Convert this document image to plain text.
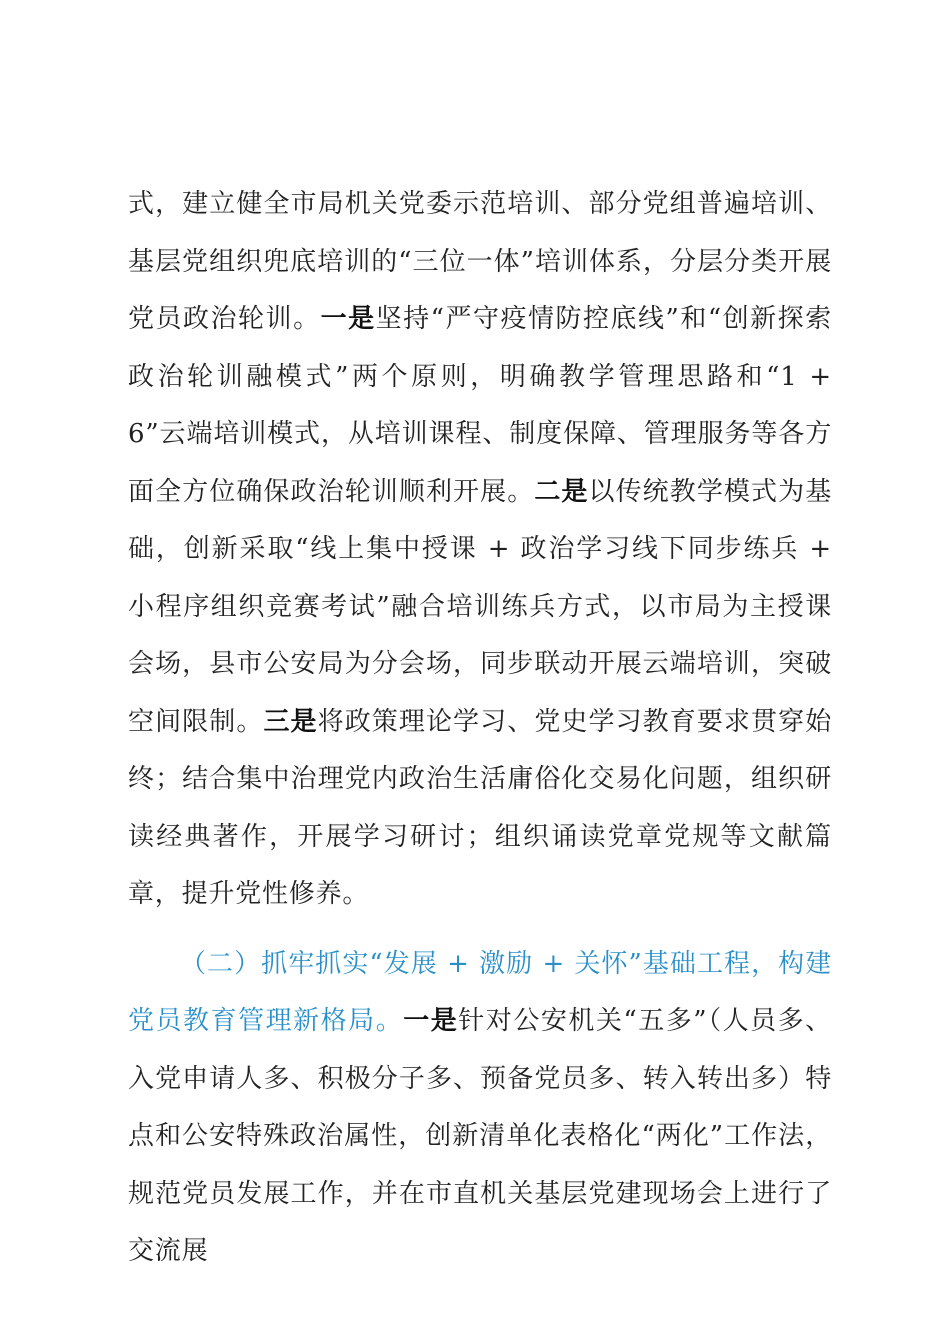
式，建立健全市局机关党委示范培训、部分党组普遍培训、基层党组织兜底培训的“三位一体”培训体系，分层分类开展党员政治轮训。一是坚持“严守疫情防控底线”和“创新探索政治轮训融模式”两个原则，明确教学管理思路和“1 + 6”云端培训模式，从培训课程、制度保障、管理服务等各方面全方位确保政治轮训顺利开展。二是以传统教学模式为基础，创新采取“线上集中授课 + 政治学习线下同步练兵 + 小程序组织竞赛考试”融合培训练兵方式，以市局为主授课会场，县市公安局为分会场，同步联动开展云端培训，突破空间限制。三是将政策理论学习、党史学习教育要求贯穿始终；结合集中治理党内政治生活庸俗化交易化问题，组织研读经典著作，开展学习研讨；组织诵读党章党规等文献篇章，提升党性修养。

（二）抓牢抓实“发展 + 激励 + 关怀”基础工程，构建党员教育管理新格局。一是针对公安机关“五多”（人员多、入党申请人多、积极分子多、预备党员多、转入转出多）特点和公安特殊政治属性，创新清单化表格化“两化”工作法，规范党员发展工作，并在市直机关基层党建现场会上进行了交流展
